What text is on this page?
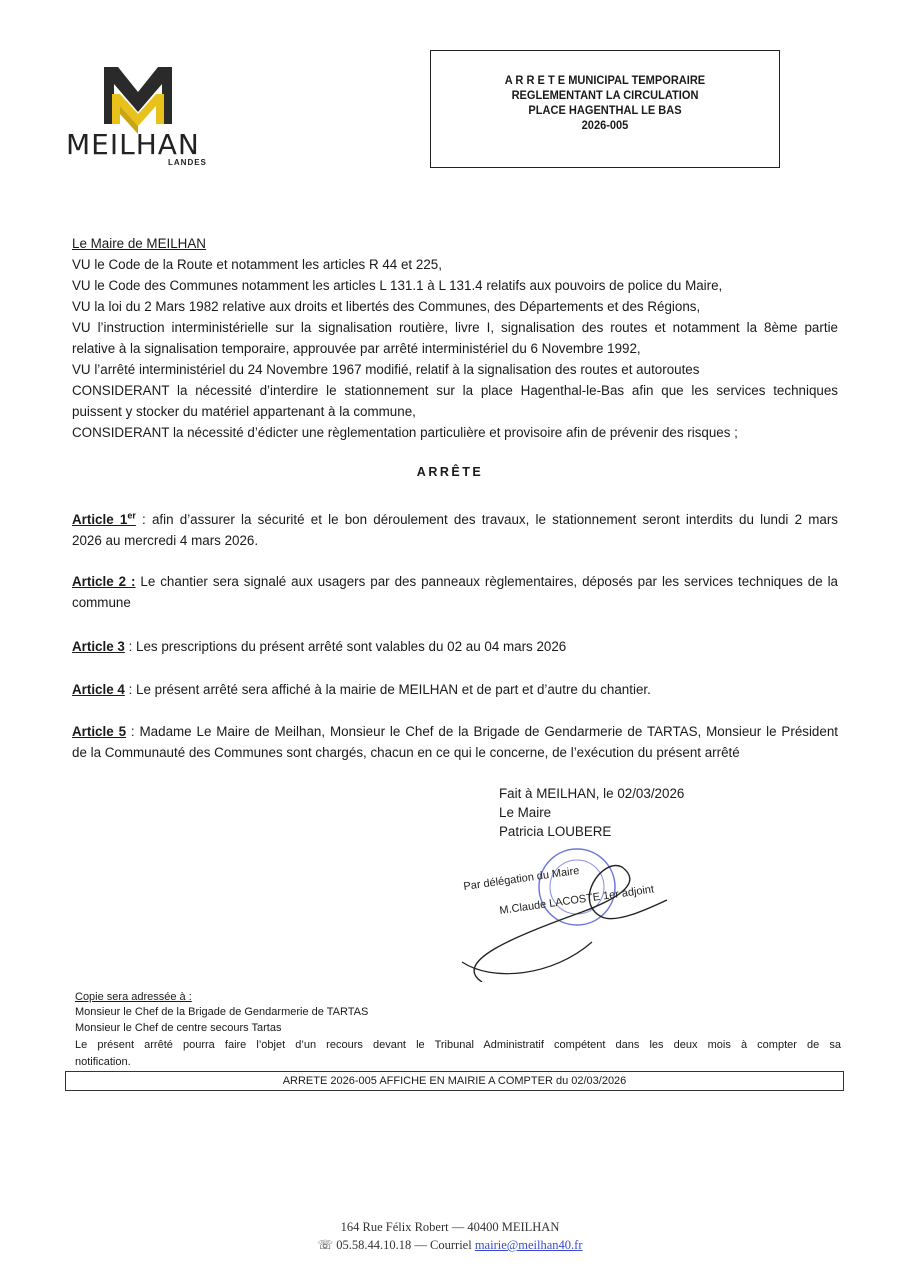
MEILHAN
LANDES
A R R E T E MUNICIPAL TEMPORAIRE
REGLEMENTANT LA CIRCULATION
PLACE HAGENTHAL LE BAS
2026-005
Le Maire de MEILHAN
VU le Code de la Route et notamment les articles R 44 et 225,
VU le Code des Communes notamment les articles L 131.1 à L 131.4 relatifs aux pouvoirs de police du Maire,
VU la loi du 2 Mars 1982 relative aux droits et libertés des Communes, des Départements et des Régions,
VU l’instruction interministérielle sur la signalisation routière, livre I, signalisation des routes et notamment la 8ème partie
relative à la signalisation temporaire, approuvée par arrêté interministériel du 6 Novembre 1992,
VU l’arrêté interministériel du 24 Novembre 1967 modifié, relatif à la signalisation des routes et autoroutes
CONSIDERANT la nécessité d’interdire le stationnement sur la place Hagenthal-le-Bas afin que les services techniques
puissent y stocker du matériel appartenant à la commune,
CONSIDERANT la nécessité d’édicter une règlementation particulière et provisoire afin de prévenir des risques ;
ARRÊTE
Article 1er : afin d’assurer la sécurité et le bon déroulement des travaux, le stationnement seront interdits du lundi 2 mars
2026 au mercredi 4 mars 2026.
Article 2 : Le chantier sera signalé aux usagers par des panneaux règlementaires, déposés par les services techniques de la
commune
Article 3 : Les prescriptions du présent arrêté sont valables du 02 au 04 mars 2026
Article 4 : Le présent arrêté sera affiché à la mairie de MEILHAN et de part et d’autre du chantier.
Article 5 : Madame Le Maire de Meilhan, Monsieur le Chef de la Brigade de Gendarmerie de TARTAS, Monsieur le Président
de la Communauté des Communes sont chargés, chacun en ce qui le concerne, de l’exécution du présent arrêté
Fait à MEILHAN, le 02/03/2026
Le Maire
Patricia LOUBERE
Par délégation du Maire
M.Claude LACOSTE 1er adjoint
Copie sera adressée à :
Monsieur le Chef de la Brigade de Gendarmerie de TARTAS
Monsieur le Chef de centre secours Tartas
Le présent arrêté pourra faire l’objet d’un recours devant le Tribunal Administratif compétent dans les deux mois à compter de sa
notification.
ARRETE 2026-005 AFFICHE EN MAIRIE A COMPTER du 02/03/2026
164 Rue Félix Robert — 40400 MEILHAN
☏ 05.58.44.10.18 — Courriel mairie@meilhan40.fr
